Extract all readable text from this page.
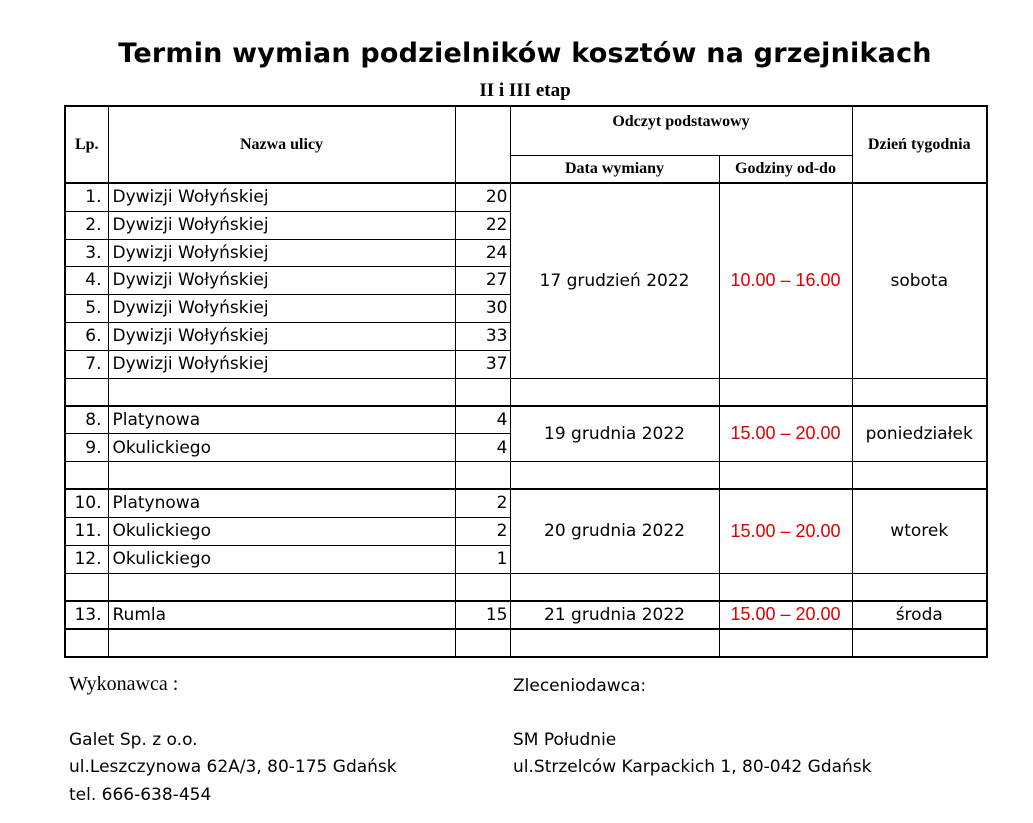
Termin wymian podzielników kosztów na grzejnikach
II i III etap
Lp.	Nazwa ulicy		Odczyt podstawowy		Dzień tygodnia
			Data wymiany	Godziny od-do	
1.	Dywizji Wołyńskiej	20	17 grudzień 2022	10.00 – 16.00	sobota
2.	Dywizji Wołyńskiej	22			
3.	Dywizji Wołyńskiej	24			
4.	Dywizji Wołyńskiej	27			
5.	Dywizji Wołyńskiej	30			
6.	Dywizji Wołyńskiej	33			
7.	Dywizji Wołyńskiej	37			

8.	Platynowa	4	19 grudnia 2022	15.00 – 20.00	poniedziałek
9.	Okulickiego	4			

10.	Platynowa	2	20 grudnia 2022	15.00 – 20.00	wtorek
11.	Okulickiego	2			
12.	Okulickiego	1			

13.	Rumla	15	21 grudnia 2022	15.00 – 20.00	środa

Wykonawca :
Galet Sp. z o.o.
ul.Leszczynowa 62A/3, 80-175 Gdańsk
tel. 666-638-454
Zleceniodawca:
SM Południe
ul.Strzelców Karpackich 1, 80-042 Gdańsk
